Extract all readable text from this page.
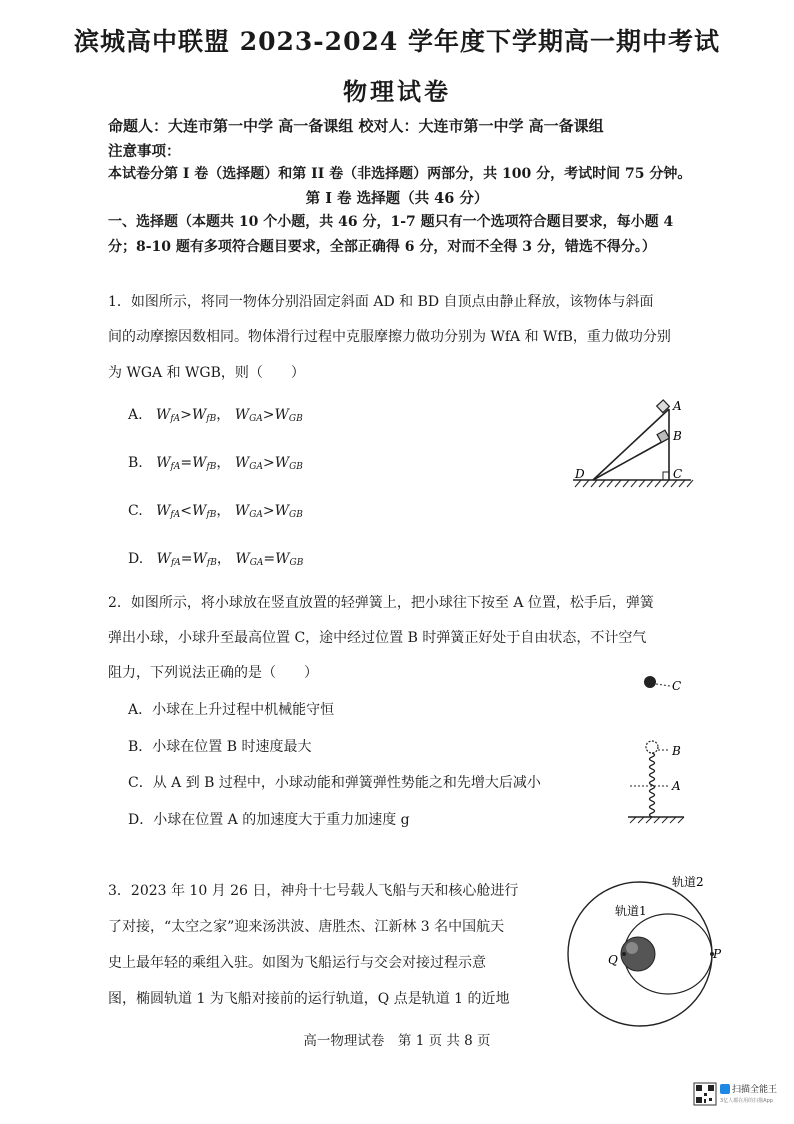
滨城高中联盟 2023-2024 学年度下学期高一期中考试
物理试卷
命题人：大连市第一中学 高一备课组 校对人：大连市第一中学 高一备课组
注意事项：
本试卷分第 I 卷（选择题）和第 II 卷（非选择题）两部分，共 100 分，考试时间 75 分钟。
第 I 卷 选择题（共 46 分）
一、选择题（本题共 10 个小题，共 46 分，1-7 题只有一个选项符合题目要求，每小题 4
分；8-10 题有多项符合题目要求，全部正确得 6 分，对而不全得 3 分，错选不得分。）
1．如图所示，将同一物体分别沿固定斜面 AD 和 BD 自顶点由静止释放，该物体与斜面
间的动摩擦因数相同。物体滑行过程中克服摩擦力做功分别为 WfA 和 WfB，重力做功分别
为 WGA 和 WGB，则（　　）
A. $W_{fA}>W_{fB}$， $W_{GA}>W_{GB}$
B. $W_{fA}=W_{fB}$， $W_{GA}>W_{GB}$
C. $W_{fA}<W_{fB}$， $W_{GA}>W_{GB}$
D. $W_{fA}=W_{fB}$， $W_{GA}=W_{GB}$
A
B
C
D
2．如图所示，将小球放在竖直放置的轻弹簧上，把小球往下按至 A 位置，松手后，弹簧
弹出小球，小球升至最高位置 C，途中经过位置 B 时弹簧正好处于自由状态，不计空气
阻力，下列说法正确的是（　　）
A．小球在上升过程中机械能守恒
B．小球在位置 B 时速度最大
C．从 A 到 B 过程中，小球动能和弹簧弹性势能之和先增大后减小
D．小球在位置 A 的加速度大于重力加速度 g
C
B
A
3．2023 年 10 月 26 日，神舟十七号载人飞船与天和核心舱进行
了对接，“太空之家”迎来汤洪波、唐胜杰、江新林 3 名中国航天
史上最年轻的乘组入驻。如图为飞船运行与交会对接过程示意
图，椭圆轨道 1 为飞船对接前的运行轨道，Q 点是轨道 1 的近地
Q	P
轨道1
轨道2
高一物理试卷　第 1 页 共 8 页
扫描全能王
3亿人都在用的扫描App
